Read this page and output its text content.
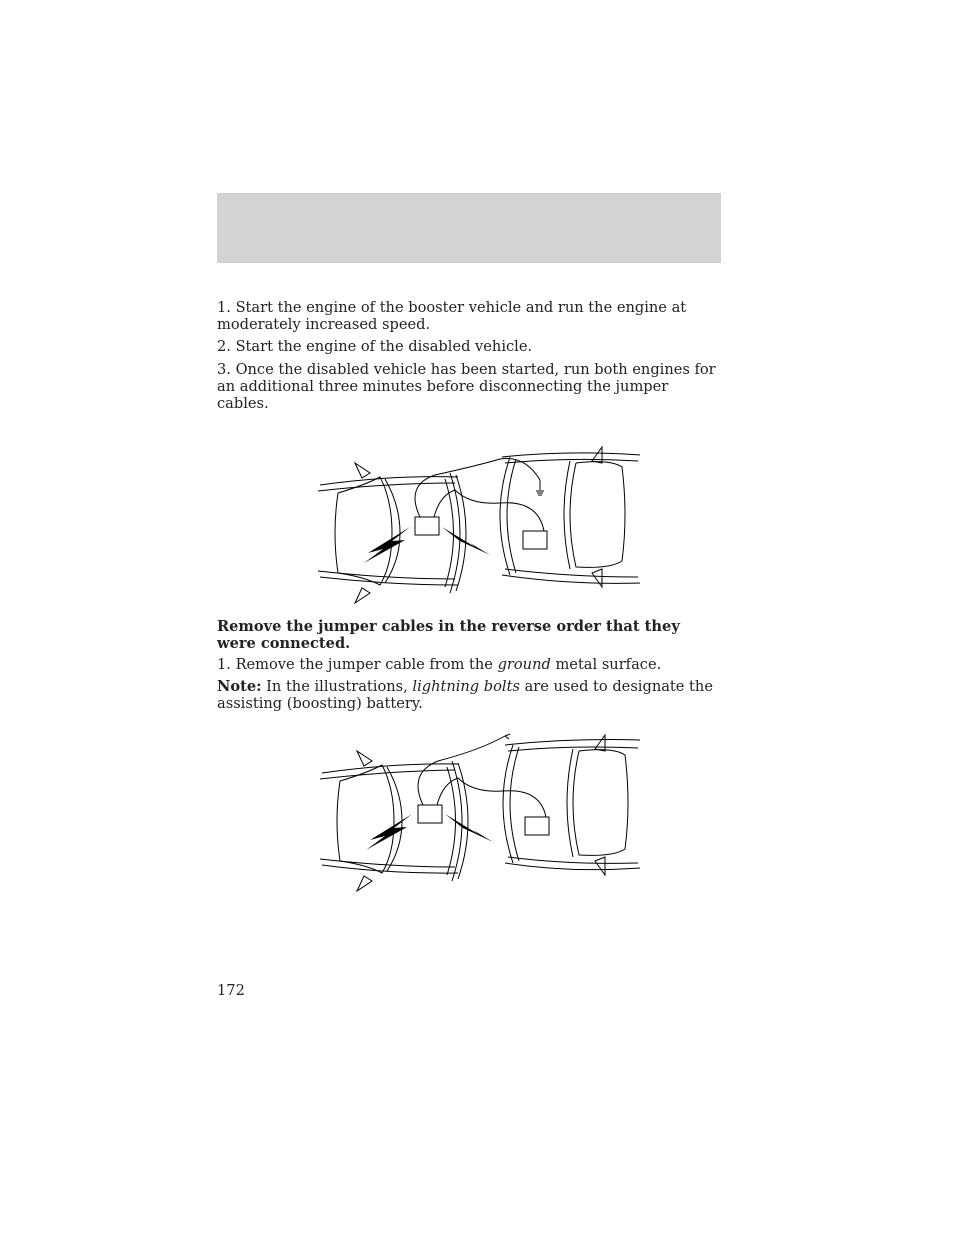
1. Start the engine of the booster vehicle and run the engine at moderately increased speed.

2. Start the engine of the disabled vehicle.

3. Once the disabled vehicle has been started, run both engines for an additional three minutes before disconnecting the jumper cables.

Remove the jumper cables in the reverse order that they were connected.

1. Remove the jumper cable from the ground metal surface.

Note: In the illustrations, lightning bolts are used to designate the assisting (boosting) battery.

172
